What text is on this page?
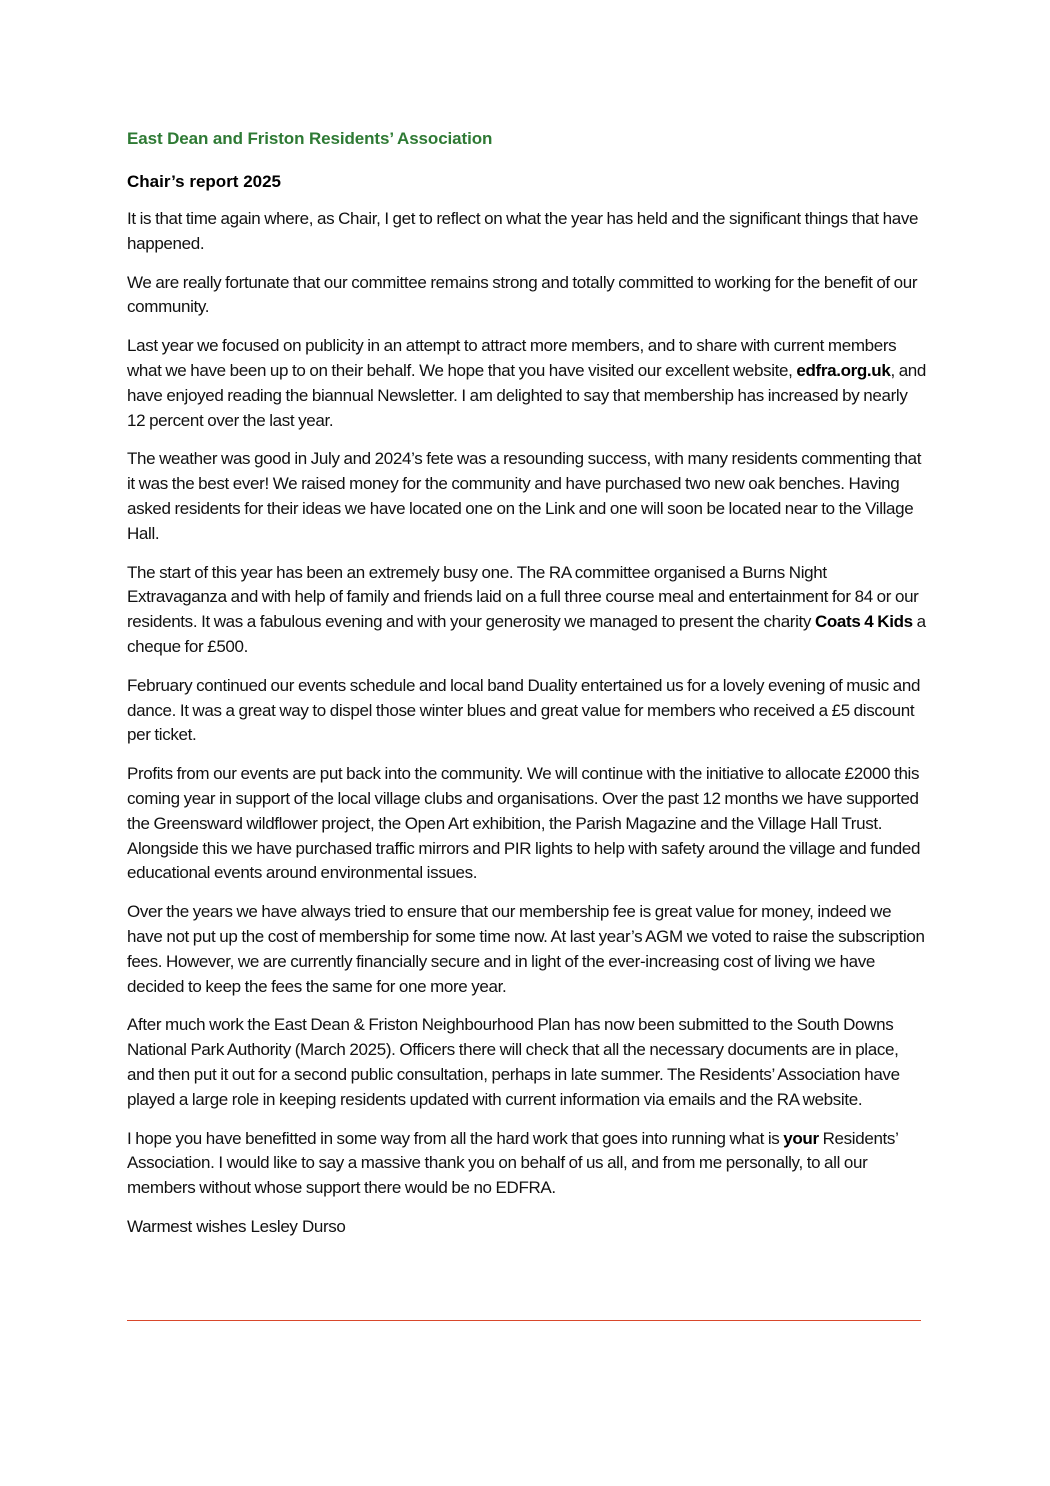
East Dean and Friston Residents’ Association
Chair’s report 2025

It is that time again where, as Chair, I get to reflect on what the year has held and the significant things that have happened.

We are really fortunate that our committee remains strong and totally committed to working for the benefit of our community.

Last year we focused on publicity in an attempt to attract more members, and to share with current members what we have been up to on their behalf. We hope that you have visited our excellent website, edfra.org.uk, and have enjoyed reading the biannual Newsletter. I am delighted to say that membership has increased by nearly 12 percent over the last year.

The weather was good in July and 2024’s fete was a resounding success, with many residents commenting that it was the best ever! We raised money for the community and have purchased two new oak benches. Having asked residents for their ideas we have located one on the Link and one will soon be located near to the Village Hall.

The start of this year has been an extremely busy one. The RA committee organised a Burns Night Extravaganza and with help of family and friends laid on a full three course meal and entertainment for 84 or our residents. It was a fabulous evening and with your generosity we managed to present the charity Coats 4 Kids a cheque for £500.

February continued our events schedule and local band Duality entertained us for a lovely evening of music and dance. It was a great way to dispel those winter blues and great value for members who received a £5 discount per ticket.

Profits from our events are put back into the community. We will continue with the initiative to allocate £2000 this coming year in support of the local village clubs and organisations. Over the past 12 months we have supported the Greensward wildflower project, the Open Art exhibition, the Parish Magazine and the Village Hall Trust. Alongside this we have purchased traffic mirrors and PIR lights to help with safety around the village and funded educational events around environmental issues.

Over the years we have always tried to ensure that our membership fee is great value for money, indeed we have not put up the cost of membership for some time now. At last year’s AGM we voted to raise the subscription fees. However, we are currently financially secure and in light of the ever-increasing cost of living we have decided to keep the fees the same for one more year.

After much work the East Dean & Friston Neighbourhood Plan has now been submitted to the South Downs National Park Authority (March 2025). Officers there will check that all the necessary documents are in place, and then put it out for a second public consultation, perhaps in late summer. The Residents’ Association have played a large role in keeping residents updated with current information via emails and the RA website.

I hope you have benefitted in some way from all the hard work that goes into running what is your Residents’ Association. I would like to say a massive thank you on behalf of us all, and from me personally, to all our members without whose support there would be no EDFRA.

Warmest wishes Lesley Durso
